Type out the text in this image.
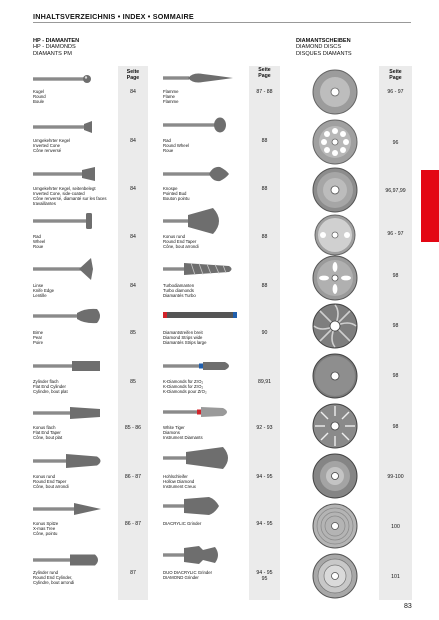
INHALTSVERZEICHNIS • INDEX • SOMMAIRE
HP - DIAMANTEN
HP - DIAMONDS
DIAMANTS PM
DIAMANTSCHEIBEN
DIAMOND DISCS
DISQUES DIAMANTS
Seite
Page
Seite
Page
Seite
Page
Kugel
Round
Boule
84
Umgekehrter Kegel
Inverted Cone
Cône renversé
84
Umgekehrter Kegel, seitenbelegt
Inverted Cone, side-coated
Cône renversé, diamanté sur les faces
travaillantes
84
Rad
Wheel
Roue
84
Linse
Knife Edge
Lentille
84
Birne
Pear
Poire
85
Zylinder flach
Flat End Cylinder
Cylindre, bout plat
85
Konus flach
Flat End Taper
Cône, bout plat
85 - 86
Konus rund
Round End Taper
Cône, bout arrondi
86 - 87
Konus Spitze
X-mas Tree
Cône, pointu
86 - 87
Zylinder rund
Round End Cylinder,
Cylindre, bout arrondi
87
Flamme
Flame
Flamme
87 - 88
Rad
Round Wheel
Roue
88
Knospe
Pointed Bud
Bouton pointu
88
Konus rund
Round End Taper
Cône, bout arrondi
88
Turbodiamanten
Turbo diamonds
Diamantés Turbo
88
Diamantstreifen breit
Diamond Strips wide
Diamantés Strips large
90
K-Diamonds für ZrO₂
K-Diamonds for ZrO₂
K-Diamonds pour ZrO₂
89,91
White Tiger
Diamons
Instrument Diamants
92 - 93
Hohlschleifer
Hollow Diamond
Instrument Creux
94 - 95
DIACRYLIC Grinder	94 - 95
DUO DIACRYLIC Grinder
DIAMOND Grinder
94 - 95
95
96 - 97
96
96,97,99
96 - 97
98
98
98
98
99-100
100
101
83
